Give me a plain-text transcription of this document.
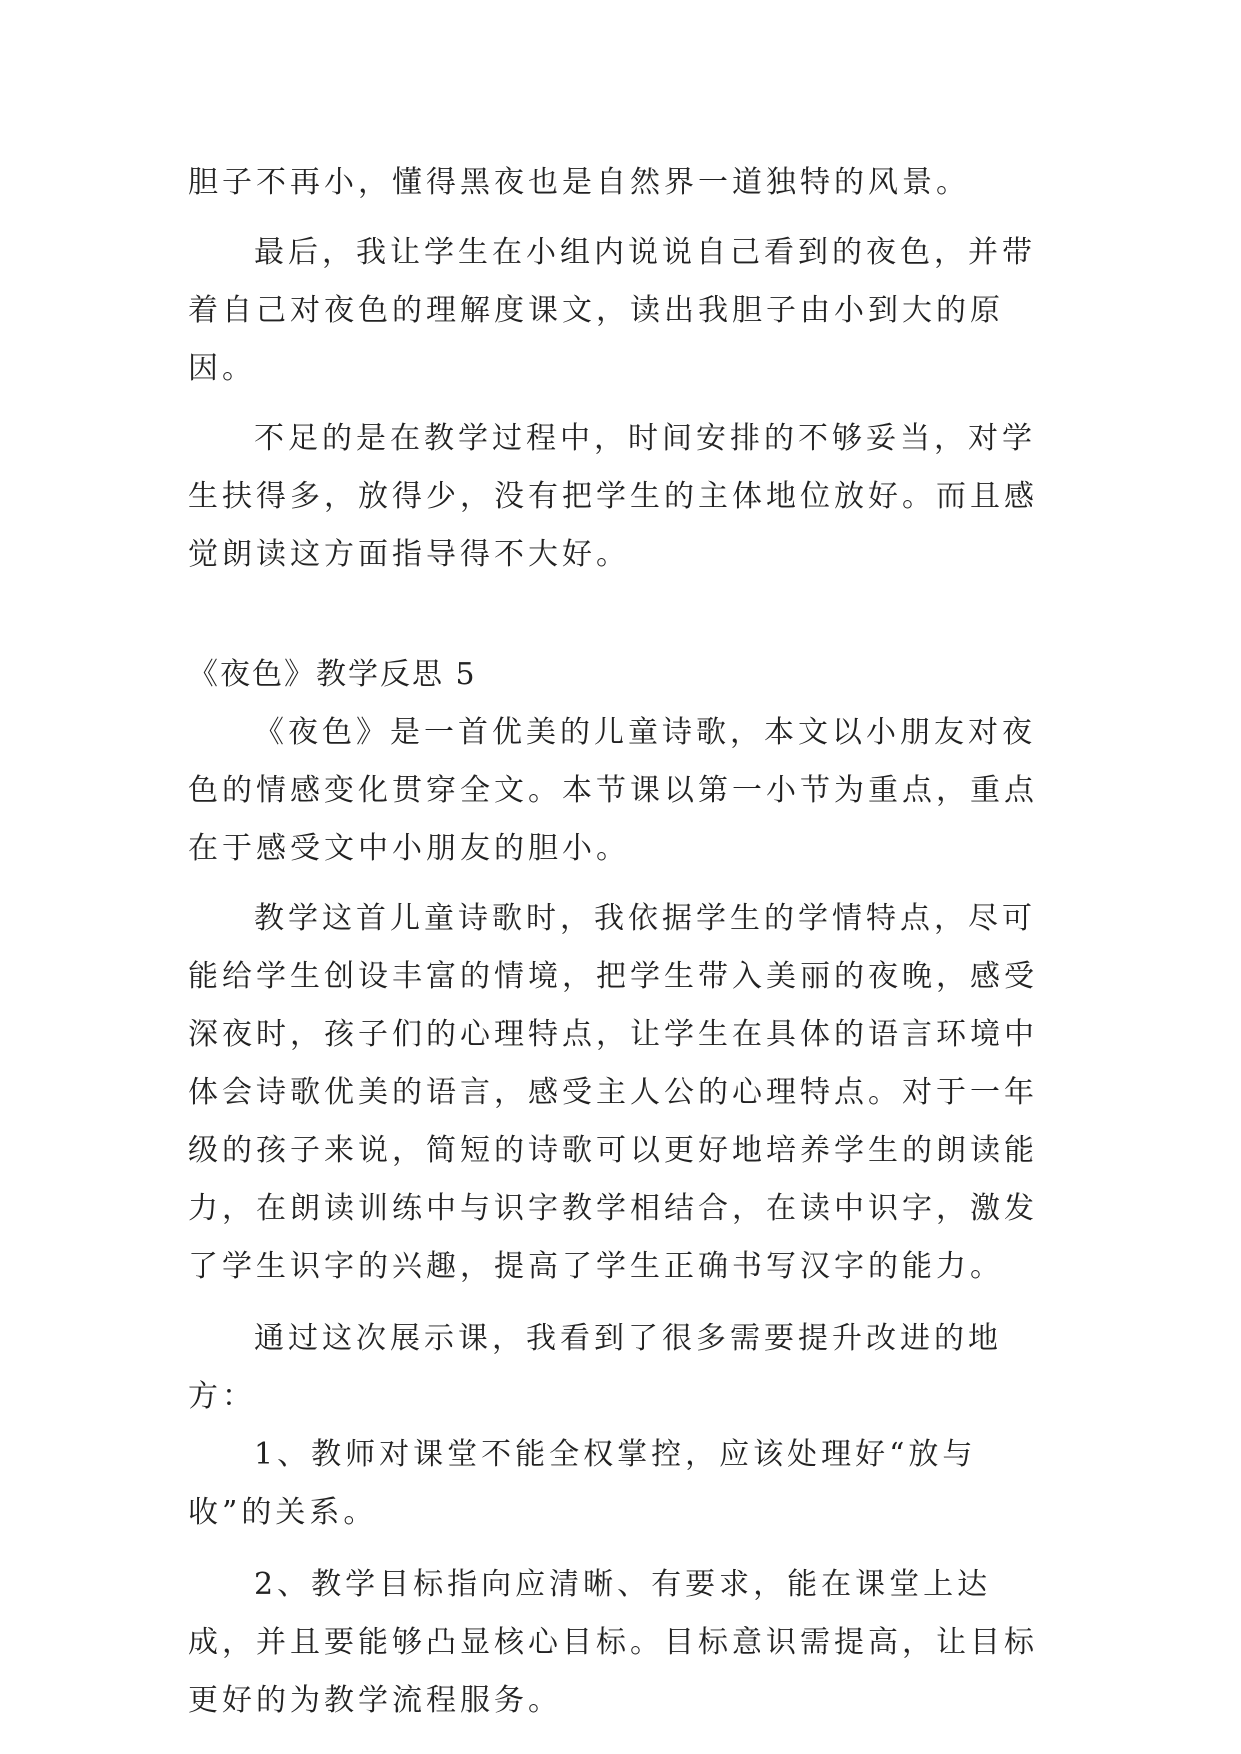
胆子不再小，懂得黑夜也是自然界一道独特的风景。

最后，我让学生在小组内说说自己看到的夜色，并带着自己对夜色的理解度课文，读出我胆子由小到大的原因。

不足的是在教学过程中，时间安排的不够妥当，对学生扶得多，放得少，没有把学生的主体地位放好。而且感觉朗读这方面指导得不大好。

《夜色》教学反思 5

《夜色》是一首优美的儿童诗歌，本文以小朋友对夜色的情感变化贯穿全文。本节课以第一小节为重点，重点在于感受文中小朋友的胆小。

教学这首儿童诗歌时，我依据学生的学情特点，尽可能给学生创设丰富的情境，把学生带入美丽的夜晚，感受深夜时，孩子们的心理特点，让学生在具体的语言环境中体会诗歌优美的语言，感受主人公的心理特点。对于一年级的孩子来说，简短的诗歌可以更好地培养学生的朗读能力，在朗读训练中与识字教学相结合，在读中识字，激发了学生识字的兴趣，提高了学生正确书写汉字的能力。

通过这次展示课，我看到了很多需要提升改进的地方：

1、教师对课堂不能全权掌控，应该处理好“放与收”的关系。

2、教学目标指向应清晰、有要求，能在课堂上达成，并且要能够凸显核心目标。目标意识需提高，让目标更好的为教学流程服务。
